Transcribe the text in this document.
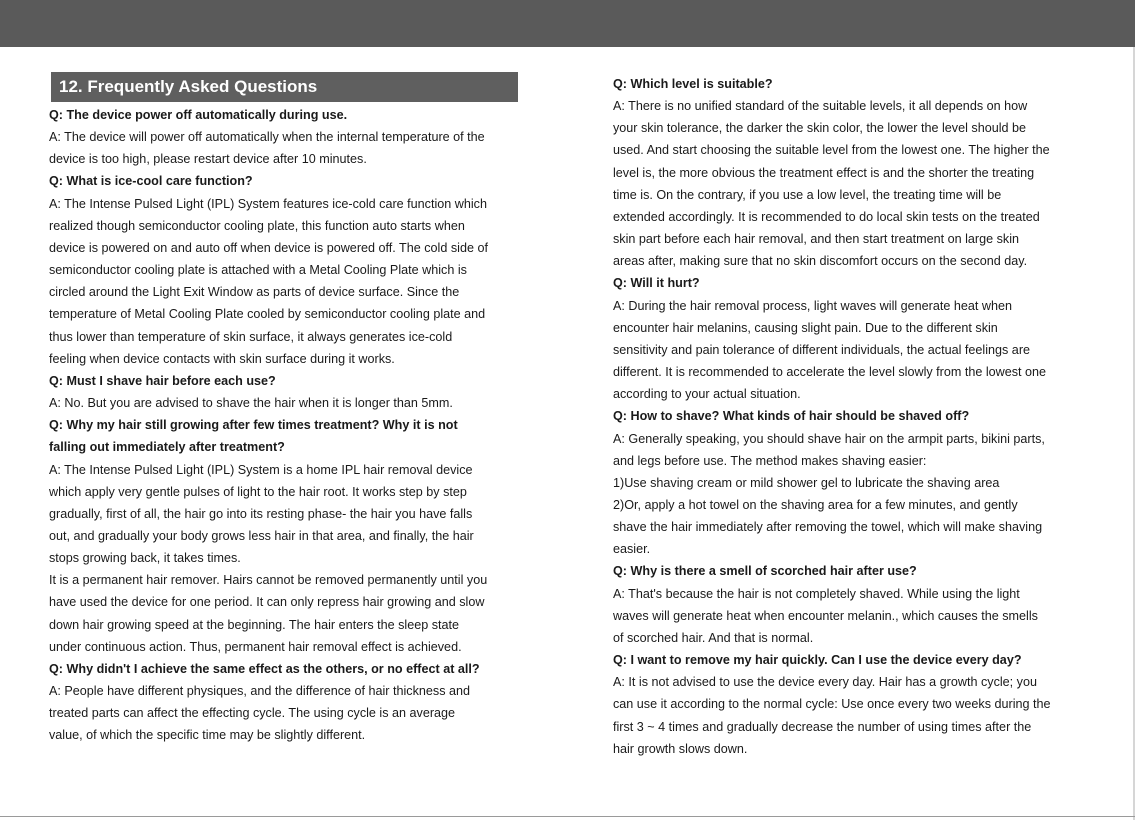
12. Frequently Asked Questions
Q: The device power off automatically during use.
A: The device will power off automatically when the internal temperature of the
device is too high, please restart device after 10 minutes.
Q: What is ice-cool care function?
A: The Intense Pulsed Light (IPL) System features ice-cold care function which
realized though semiconductor cooling plate, this function auto starts when
device is powered on and auto off when device is powered off. The cold side of
semiconductor cooling plate is attached with a Metal Cooling Plate which is
circled around the Light Exit Window as parts of device surface. Since the
temperature of Metal Cooling Plate cooled by semiconductor cooling plate and
thus lower than temperature of skin surface, it always generates ice-cold
feeling when device contacts with skin surface during it works.
Q: Must I shave hair before each use?
A: No. But you are advised to shave the hair when it is longer than 5mm.
Q: Why my hair still growing after few times treatment? Why it is not
falling out immediately after treatment?
A: The Intense Pulsed Light (IPL) System is a home IPL hair removal device
which apply very gentle pulses of light to the hair root. It works step by step
gradually, first of all, the hair go into its resting phase- the hair you have falls
out, and gradually your body grows less hair in that area, and finally, the hair
stops growing back, it takes times.
It is a permanent hair remover. Hairs cannot be removed permanently until you
have used the device for one period. It can only repress hair growing and slow
down hair growing speed at the beginning. The hair enters the sleep state
under continuous action. Thus, permanent hair removal effect is achieved.
Q: Why didn't I achieve the same effect as the others, or no effect at all?
A: People have different physiques, and the difference of hair thickness and
treated parts can affect the effecting cycle. The using cycle is an average
value, of which the specific time may be slightly different.
Q: Which level is suitable?
A: There is no unified standard of the suitable levels, it all depends on how
your skin tolerance, the darker the skin color, the lower the level should be
used. And start choosing the suitable level from the lowest one. The higher the
level is, the more obvious the treatment effect is and the shorter the treating
time is. On the contrary, if you use a low level, the treating time will be
extended accordingly. It is recommended to do local skin tests on the treated
skin part before each hair removal, and then start treatment on large skin
areas after, making sure that no skin discomfort occurs on the second day.
Q: Will it hurt?
A: During the hair removal process, light waves will generate heat when
encounter hair melanins, causing slight pain. Due to the different skin
sensitivity and pain tolerance of different individuals, the actual feelings are
different. It is recommended to accelerate the level slowly from the lowest one
according to your actual situation.
Q: How to shave? What kinds of hair should be shaved off?
A: Generally speaking, you should shave hair on the armpit parts, bikini parts,
and legs before use. The method makes shaving easier:
1)Use shaving cream or mild shower gel to lubricate the shaving area
2)Or, apply a hot towel on the shaving area for a few minutes, and gently
shave the hair immediately after removing the towel, which will make shaving
easier.
Q: Why is there a smell of scorched hair after use?
A: That's because the hair is not completely shaved. While using the light
waves will generate heat when encounter melanin., which causes the smells
of scorched hair. And that is normal.
Q: I want to remove my hair quickly. Can I use the device every day?
A: It is not advised to use the device every day. Hair has a growth cycle; you
can use it according to the normal cycle: Use once every two weeks during the
first 3 ~ 4 times and gradually decrease the number of using times after the
hair growth slows down.
